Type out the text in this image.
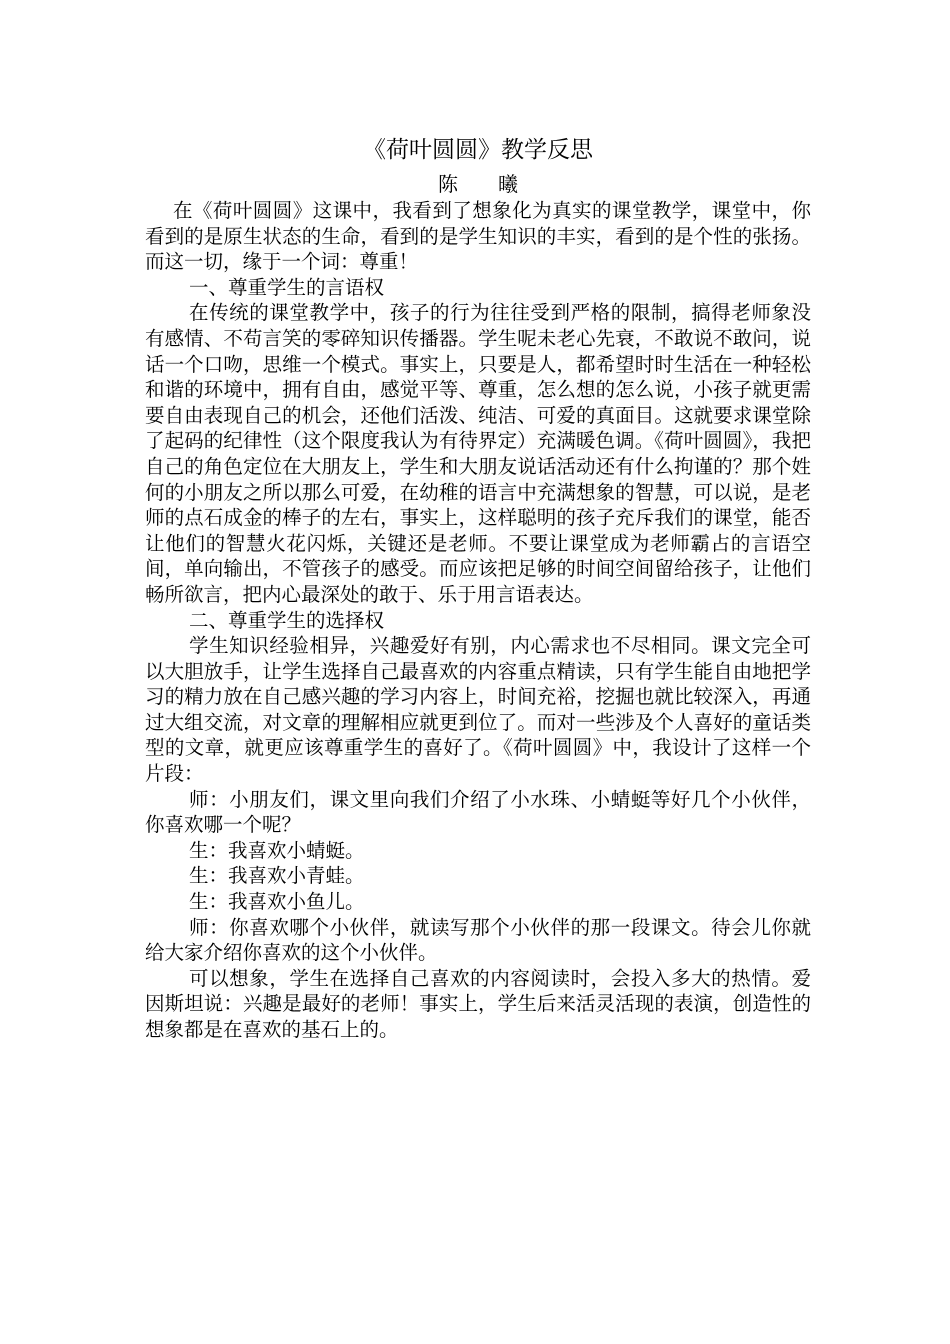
《荷叶圆圆》教学反思

陈　曦

在《荷叶圆圆》这课中，我看到了想象化为真实的课堂教学，课堂中，你看到的是原生状态的生命，看到的是学生知识的丰实，看到的是个性的张扬。而这一切，缘于一个词：尊重！

一、尊重学生的言语权

在传统的课堂教学中，孩子的行为往往受到严格的限制，搞得老师象没有感情、不苟言笑的零碎知识传播器。学生呢未老心先衰，不敢说不敢问，说话一个口吻，思维一个模式。事实上，只要是人，都希望时时生活在一种轻松和谐的环境中，拥有自由，感觉平等、尊重，怎么想的怎么说，小孩子就更需要自由表现自己的机会，还他们活泼、纯洁、可爱的真面目。这就要求课堂除了起码的纪律性（这个限度我认为有待界定）充满暖色调。《荷叶圆圆》，我把自己的角色定位在大朋友上，学生和大朋友说话活动还有什么拘谨的？那个姓何的小朋友之所以那么可爱，在幼稚的语言中充满想象的智慧，可以说，是老师的点石成金的棒子的左右，事实上，这样聪明的孩子充斥我们的课堂，能否让他们的智慧火花闪烁，关键还是老师。不要让课堂成为老师霸占的言语空间，单向输出，不管孩子的感受。而应该把足够的时间空间留给孩子，让他们畅所欲言，把内心最深处的敢于、乐于用言语表达。

二、尊重学生的选择权

学生知识经验相异，兴趣爱好有别，内心需求也不尽相同。课文完全可以大胆放手，让学生选择自己最喜欢的内容重点精读，只有学生能自由地把学习的精力放在自己感兴趣的学习内容上，时间充裕，挖掘也就比较深入，再通过大组交流，对文章的理解相应就更到位了。而对一些涉及个人喜好的童话类型的文章，就更应该尊重学生的喜好了。《荷叶圆圆》中，我设计了这样一个片段：

师：小朋友们，课文里向我们介绍了小水珠、小蜻蜓等好几个小伙伴，你喜欢哪一个呢？

生：我喜欢小蜻蜓。

生：我喜欢小青蛙。

生：我喜欢小鱼儿。

师：你喜欢哪个小伙伴，就读写那个小伙伴的那一段课文。待会儿你就给大家介绍你喜欢的这个小伙伴。

可以想象，学生在选择自己喜欢的内容阅读时，会投入多大的热情。爱因斯坦说：兴趣是最好的老师！事实上，学生后来活灵活现的表演，创造性的想象都是在喜欢的基石上的。
